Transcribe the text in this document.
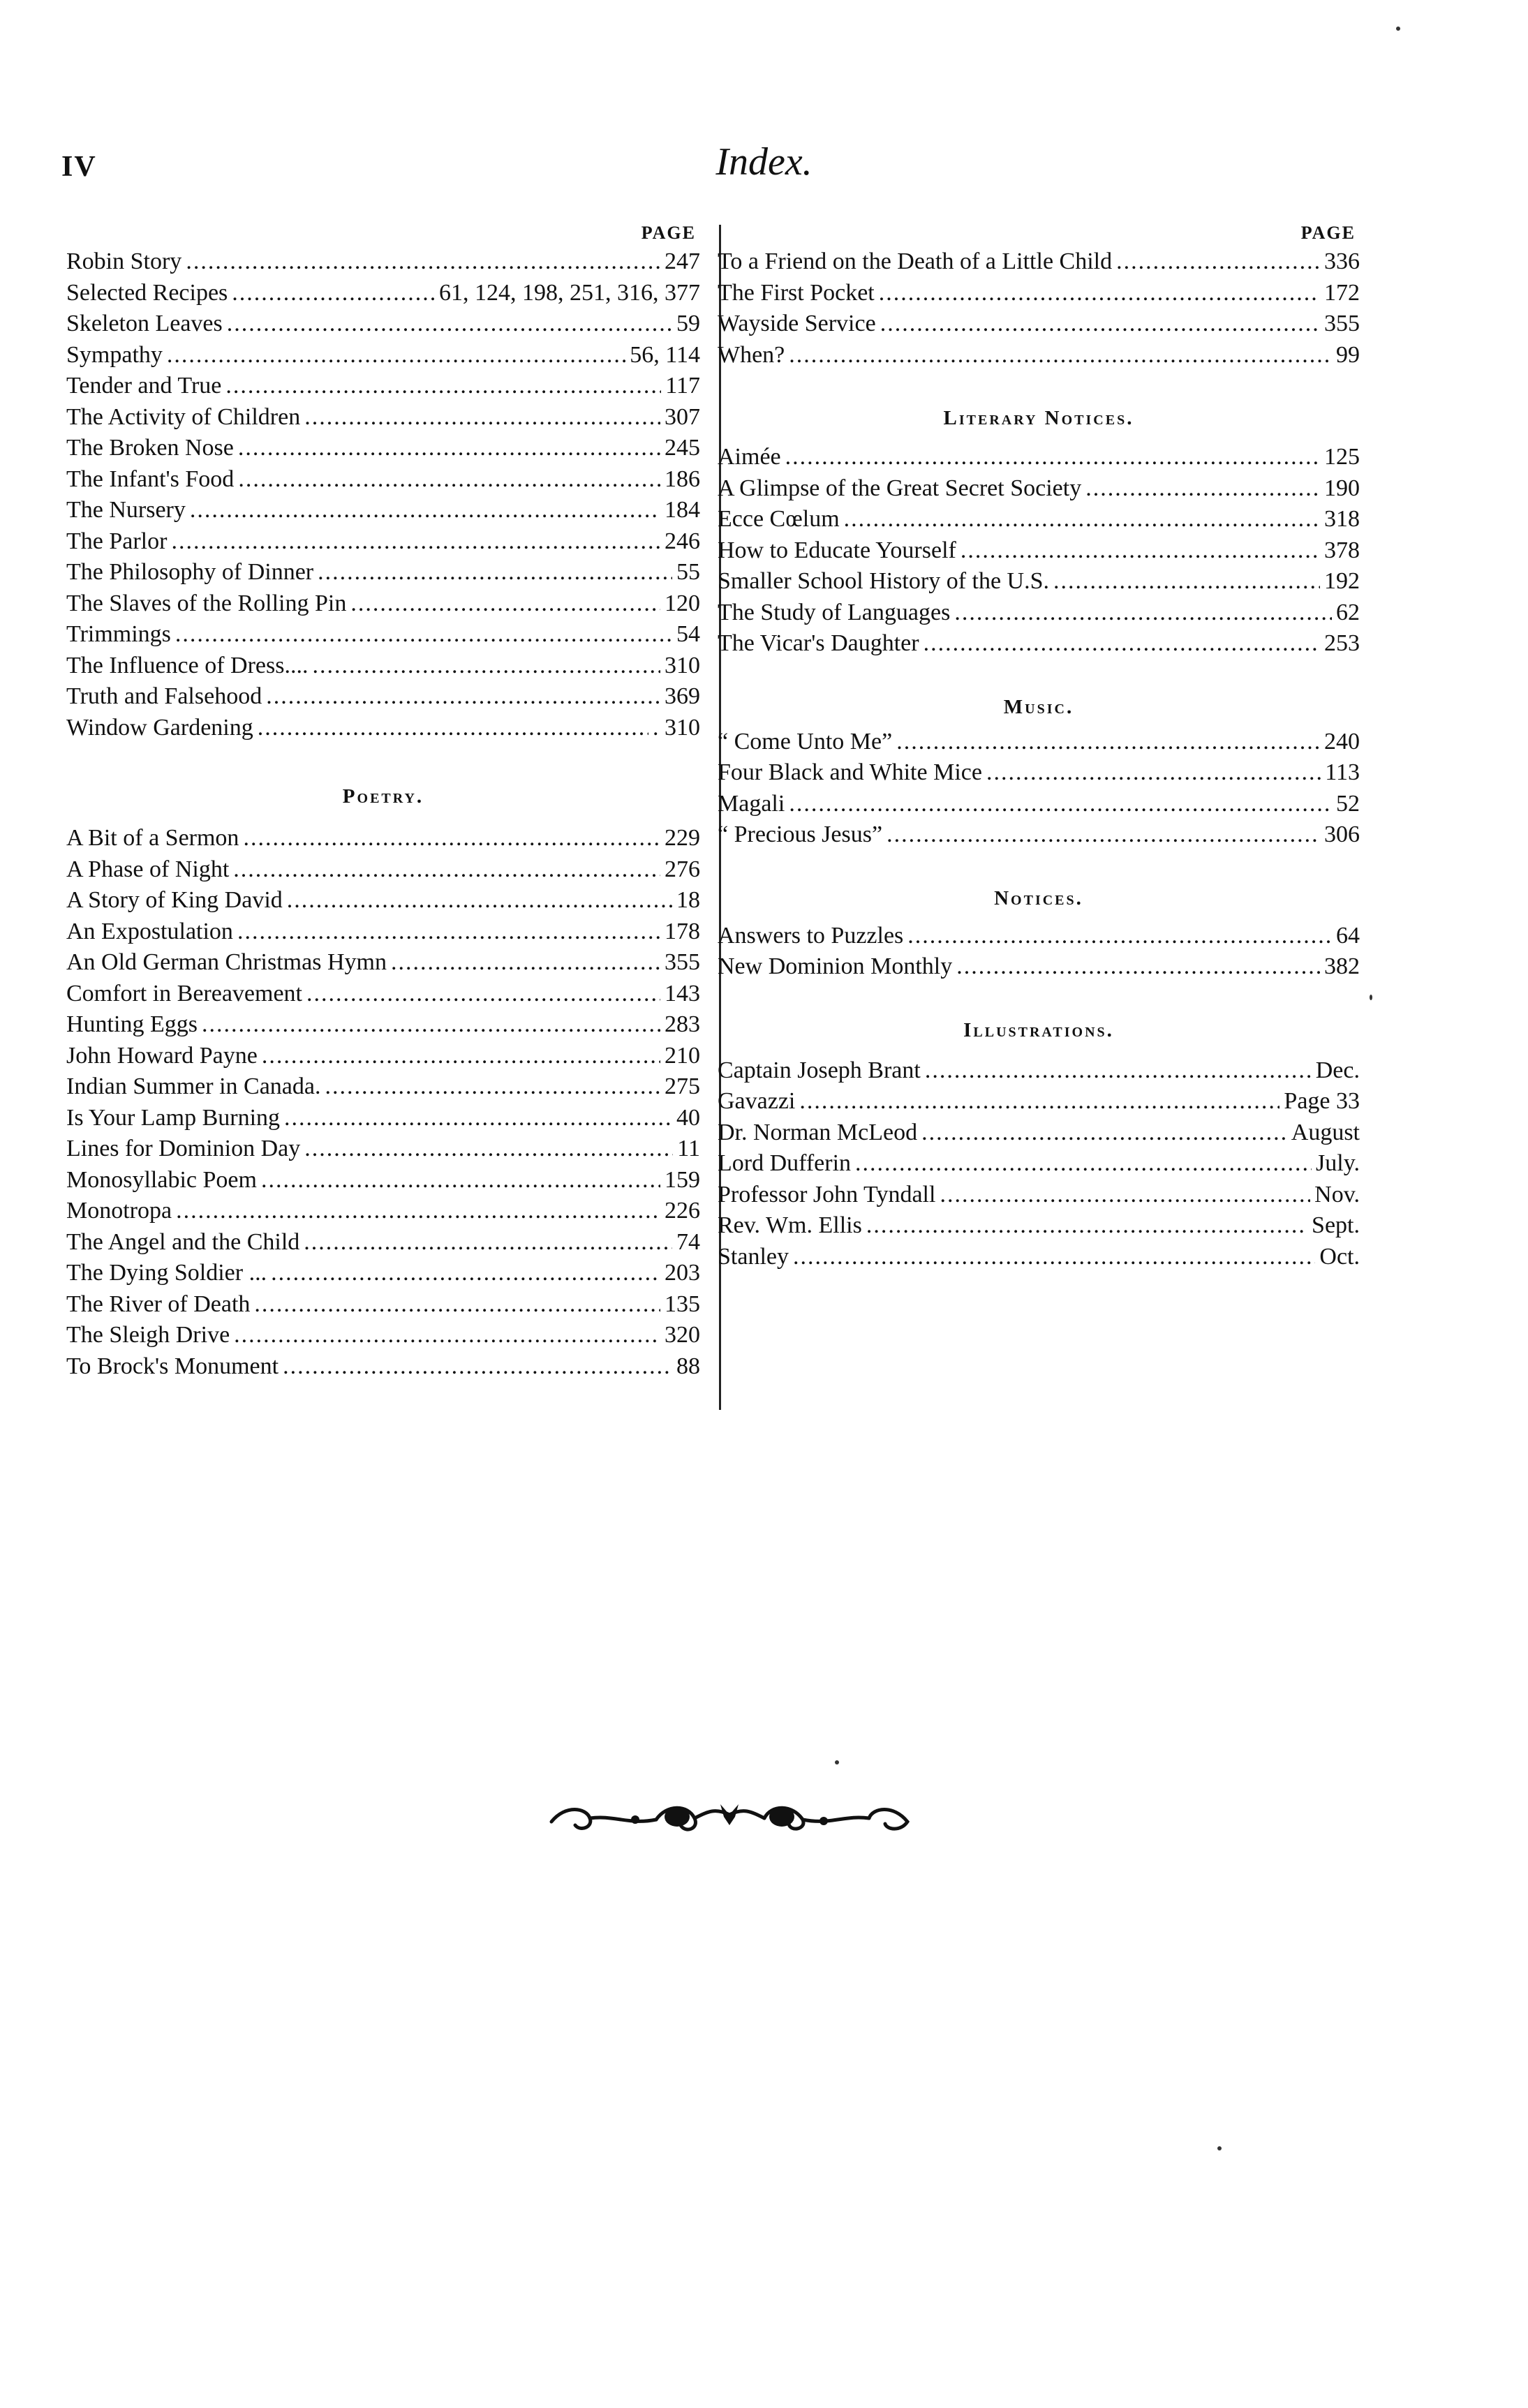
IV	Index.
PAGE
Robin Story .....	247
Selected Recipes .....	61, 124, 198, 251, 316, 377
Skeleton Leaves .....	59
Sympathy .....	56, 114
Tender and True .....	117
The Activity of Children .....	307
The Broken Nose .....	245
The Infant's Food .....	186
The Nursery .....	184
The Parlor .....	246
The Philosophy of Dinner .....	55
The Slaves of the Rolling Pin .....	120
Trimmings .....	54
The Influence of Dress.... .....	310
Truth and Falsehood .....	369
Window Gardening .....	. 310
Poetry.
A Bit of a Sermon .....	229
A Phase of Night .....	276
A Story of King David .....	18
An Expostulation .....	178
An Old German Christmas Hymn .....	355
Comfort in Bereavement .....	143
Hunting Eggs .....	283
John Howard Payne .....	210
Indian Summer in Canada. .....	275
Is Your Lamp Burning .....	40
Lines for Dominion Day .....	11
Monosyllabic Poem .....	159
Monotropa .....	226
The Angel and the Child .....	74
The Dying Soldier ... .....	203
The River of Death .....	135
The Sleigh Drive .....	320
To Brock's Monument .....	88
PAGE
To a Friend on the Death of a Little Child .....	336
The First Pocket .....	172
Wayside Service .....	355
When? .....	99
Literary Notices.
Aimée .....	125
A Glimpse of the Great Secret Society .....	190
Ecce Cœlum .....	318
How to Educate Yourself .....	378
Smaller School History of the U.S. .....	192
The Study of Languages .....	62
The Vicar's Daughter .....	253
Music.
“ Come Unto Me” .....	240
Four Black and White Mice .....	113
Magali .....	52
“ Precious Jesus” .....	306
Notices.
Answers to Puzzles .....	64
New Dominion Monthly .....	382
Illustrations.
Captain Joseph Brant .....	Dec.
Gavazzi .....	Page 33
Dr. Norman McLeod .....	August
Lord Dufferin .....	July.
Professor John Tyndall .....	Nov.
Rev. Wm. Ellis .....	Sept.
Stanley .....	Oct.
